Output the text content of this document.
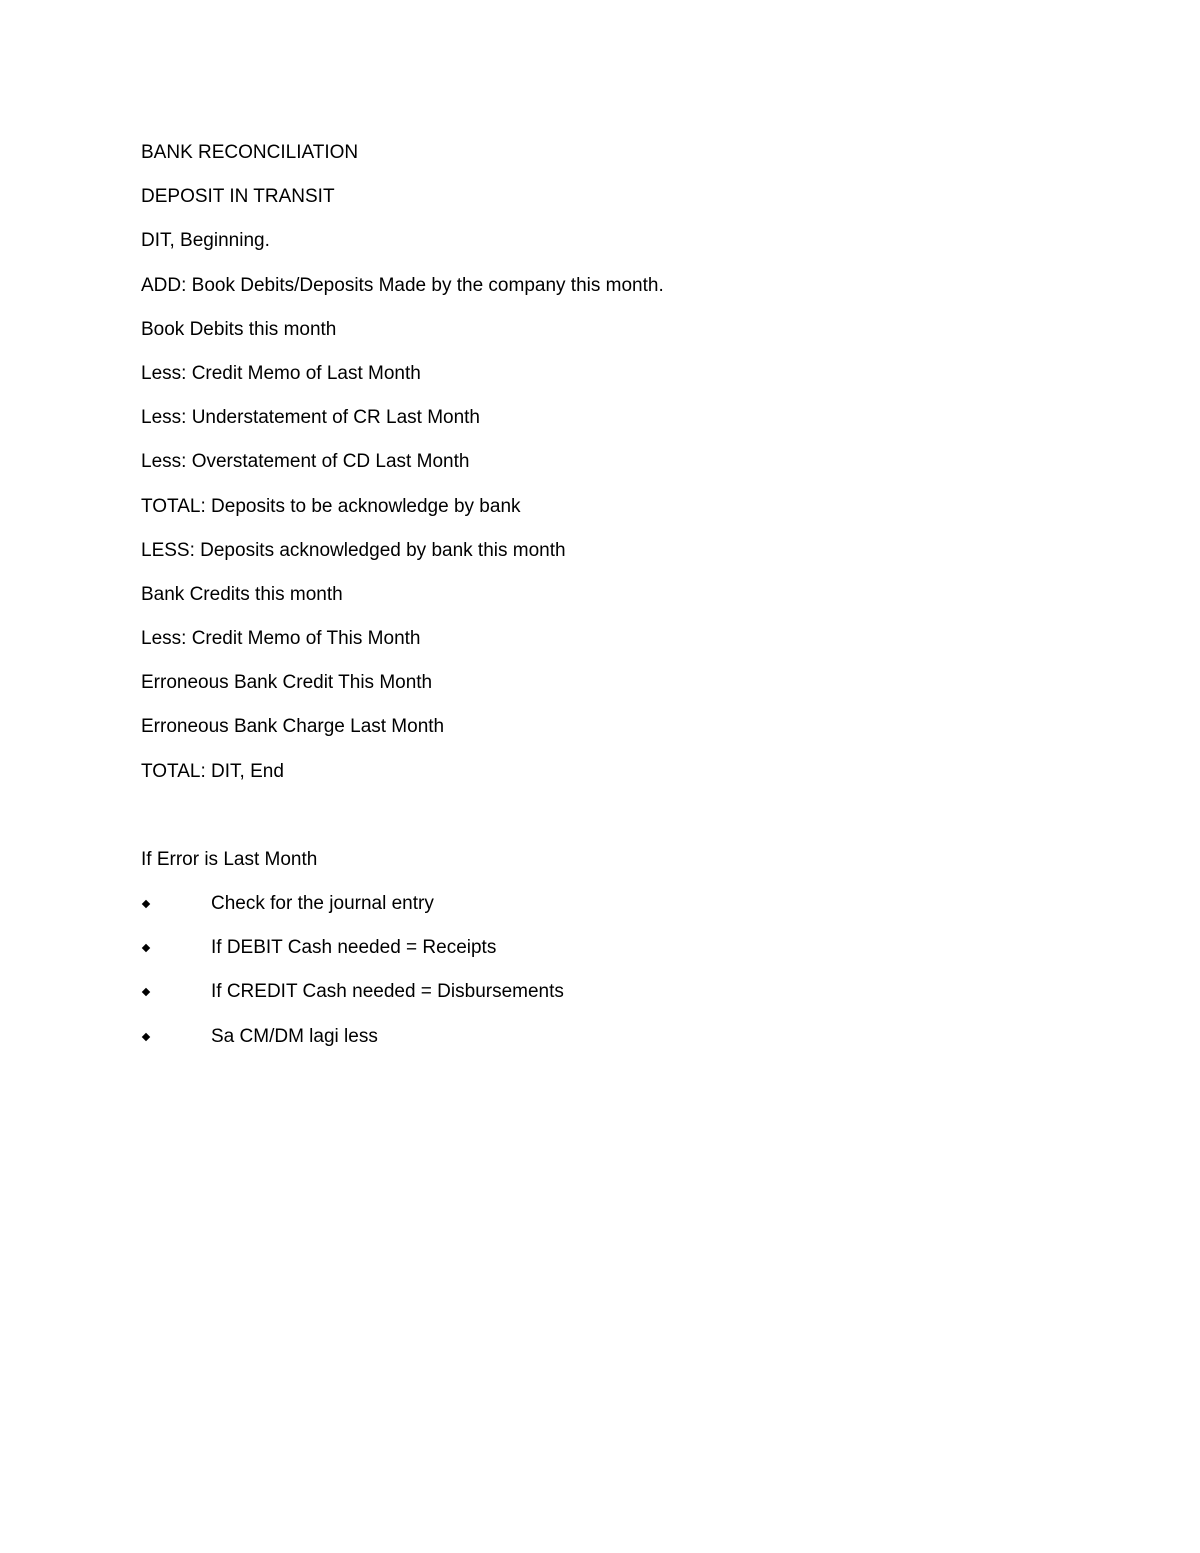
BANK RECONCILIATION
DEPOSIT IN TRANSIT
DIT, Beginning.
ADD: Book Debits/Deposits Made by the company this month.
Book Debits this month
Less: Credit Memo of Last Month
Less: Understatement of CR Last Month
Less: Overstatement of CD Last Month
TOTAL: Deposits to be acknowledge by bank
LESS: Deposits acknowledged by bank this month
Bank Credits this month
Less: Credit Memo of This Month
Erroneous Bank Credit This Month
Erroneous Bank Charge Last Month
TOTAL: DIT, End
If Error is Last Month
Check for the journal entry
If DEBIT Cash needed = Receipts
If CREDIT Cash needed = Disbursements
Sa CM/DM lagi less
